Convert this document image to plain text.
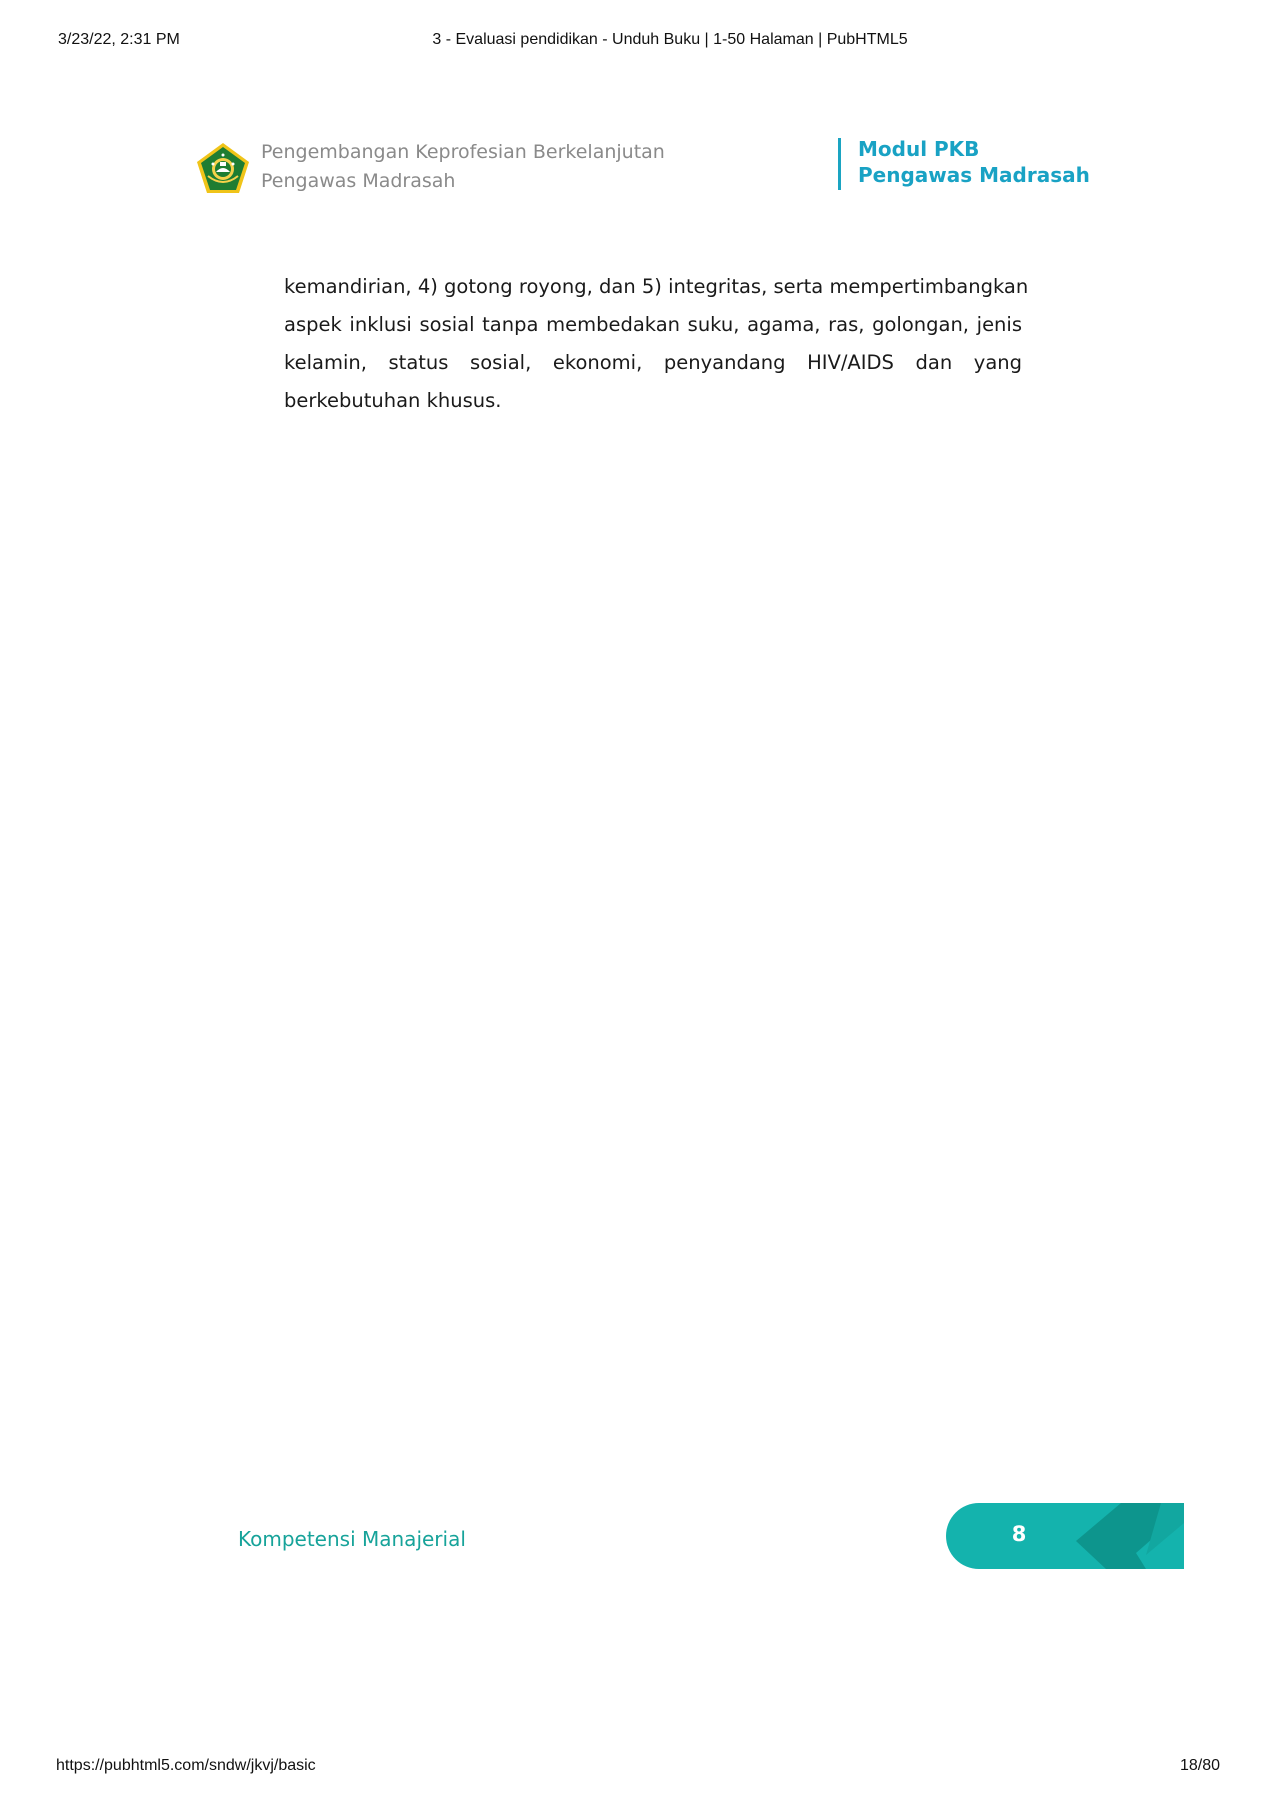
3/23/22, 2:31 PM	3 - Evaluasi pendidikan - Unduh Buku | 1-50 Halaman | PubHTML5
Pengembangan Keprofesian Berkelanjutan
Pengawas Madrasah
Modul PKB
Pengawas Madrasah
kemandirian, 4) gotong royong, dan 5) integritas, serta mempertimbangkan
aspek inklusi sosial tanpa membedakan suku, agama, ras, golongan, jenis
kelamin, status sosial, ekonomi, penyandang HIV/AIDS dan yang
berkebutuhan khusus.
Kompetensi Manajerial	8
https://pubhtml5.com/sndw/jkvj/basic	18/80
